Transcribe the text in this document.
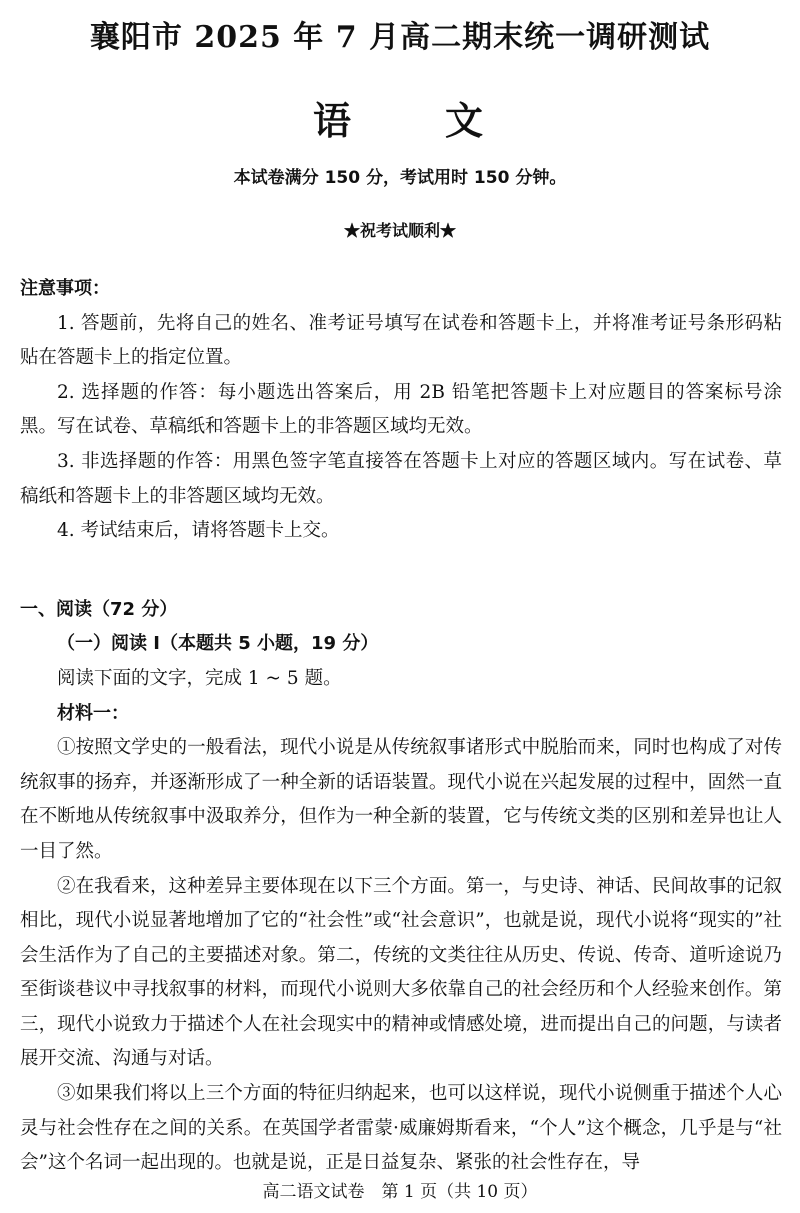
襄阳市 2025 年 7 月高二期末统一调研测试
语 文
本试卷满分 150 分，考试用时 150 分钟。
★祝考试顺利★

注意事项：

1. 答题前，先将自己的姓名、准考证号填写在试卷和答题卡上，并将准考证号条形码粘贴在答题卡上的指定位置。

2. 选择题的作答：每小题选出答案后，用 2B 铅笔把答题卡上对应题目的答案标号涂黑。写在试卷、草稿纸和答题卡上的非答题区域均无效。

3. 非选择题的作答：用黑色签字笔直接答在答题卡上对应的答题区域内。写在试卷、草稿纸和答题卡上的非答题区域均无效。

4. 考试结束后，请将答题卡上交。

一、阅读（72 分）

（一）阅读 Ⅰ（本题共 5 小题，19 分）

阅读下面的文字，完成 1 ~ 5 题。

材料一：

①按照文学史的一般看法，现代小说是从传统叙事诸形式中脱胎而来，同时也构成了对传统叙事的扬弃，并逐渐形成了一种全新的话语装置。现代小说在兴起发展的过程中，固然一直在不断地从传统叙事中汲取养分，但作为一种全新的装置，它与传统文类的区别和差异也让人一目了然。

②在我看来，这种差异主要体现在以下三个方面。第一，与史诗、神话、民间故事的记叙相比，现代小说显著地增加了它的“社会性”或“社会意识”，也就是说，现代小说将“现实的”社会生活作为了自己的主要描述对象。第二，传统的文类往往从历史、传说、传奇、道听途说乃至街谈巷议中寻找叙事的材料，而现代小说则大多依靠自己的社会经历和个人经验来创作。第三，现代小说致力于描述个人在社会现实中的精神或情感处境，进而提出自己的问题，与读者展开交流、沟通与对话。

③如果我们将以上三个方面的特征归纳起来，也可以这样说，现代小说侧重于描述个人心灵与社会性存在之间的关系。在英国学者雷蒙·威廉姆斯看来，“个人”这个概念，几乎是与“社会”这个名词一起出现的。也就是说，正是日益复杂、紧张的社会性存在，导

高二语文试卷　第 1 页（共 10 页）
